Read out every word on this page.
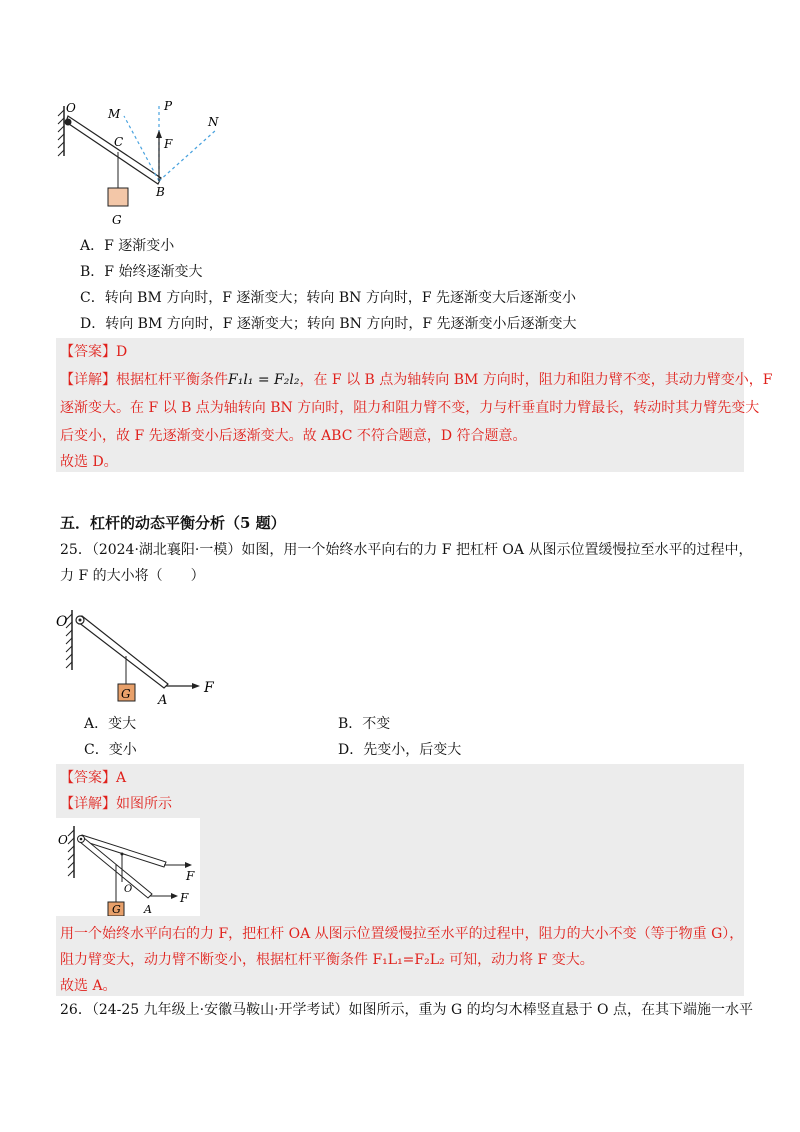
O	M
P
N
C	F
B
G
A．F 逐渐变小
B．F 始终逐渐变大
C．转向 BM 方向时，F 逐渐变大；转向 BN 方向时，F 先逐渐变大后逐渐变小
D．转向 BM 方向时，F 逐渐变大；转向 BN 方向时，F 先逐渐变小后逐渐变大
【答案】D
【详解】根据杠杆平衡条件F₁l₁ = F₂l₂，在 F 以 B 点为轴转向 BM 方向时，阻力和阻力臂不变，其动力臂变小，F
逐渐变大。在 F 以 B 点为轴转向 BN 方向时，阻力和阻力臂不变，力与杆垂直时力臂最长，转动时其力臂先变大
后变小，故 F 先逐渐变小后逐渐变大。故 ABC 不符合题意，D 符合题意。
故选 D。
五．杠杆的动态平衡分析（5 题）
25．（2024·湖北襄阳·一模）如图，用一个始终水平向右的力 F 把杠杆 OA 从图示位置缓慢拉至水平的过程中，
力 F 的大小将（　　）
O
G A
F
A．变大	B．不变
C．变小	D．先变小，后变大
【答案】A
【详解】如图所示
O
O
F
F
G A
用一个始终水平向右的力 F，把杠杆 OA 从图示位置缓慢拉至水平的过程中，阻力的大小不变（等于物重 G），
阻力臂变大，动力臂不断变小，根据杠杆平衡条件 F₁L₁=F₂L₂ 可知，动力将 F 变大。
故选 A。
26．（24-25 九年级上·安徽马鞍山·开学考试）如图所示，重为 G 的均匀木棒竖直悬于 O 点，在其下端施一水平
